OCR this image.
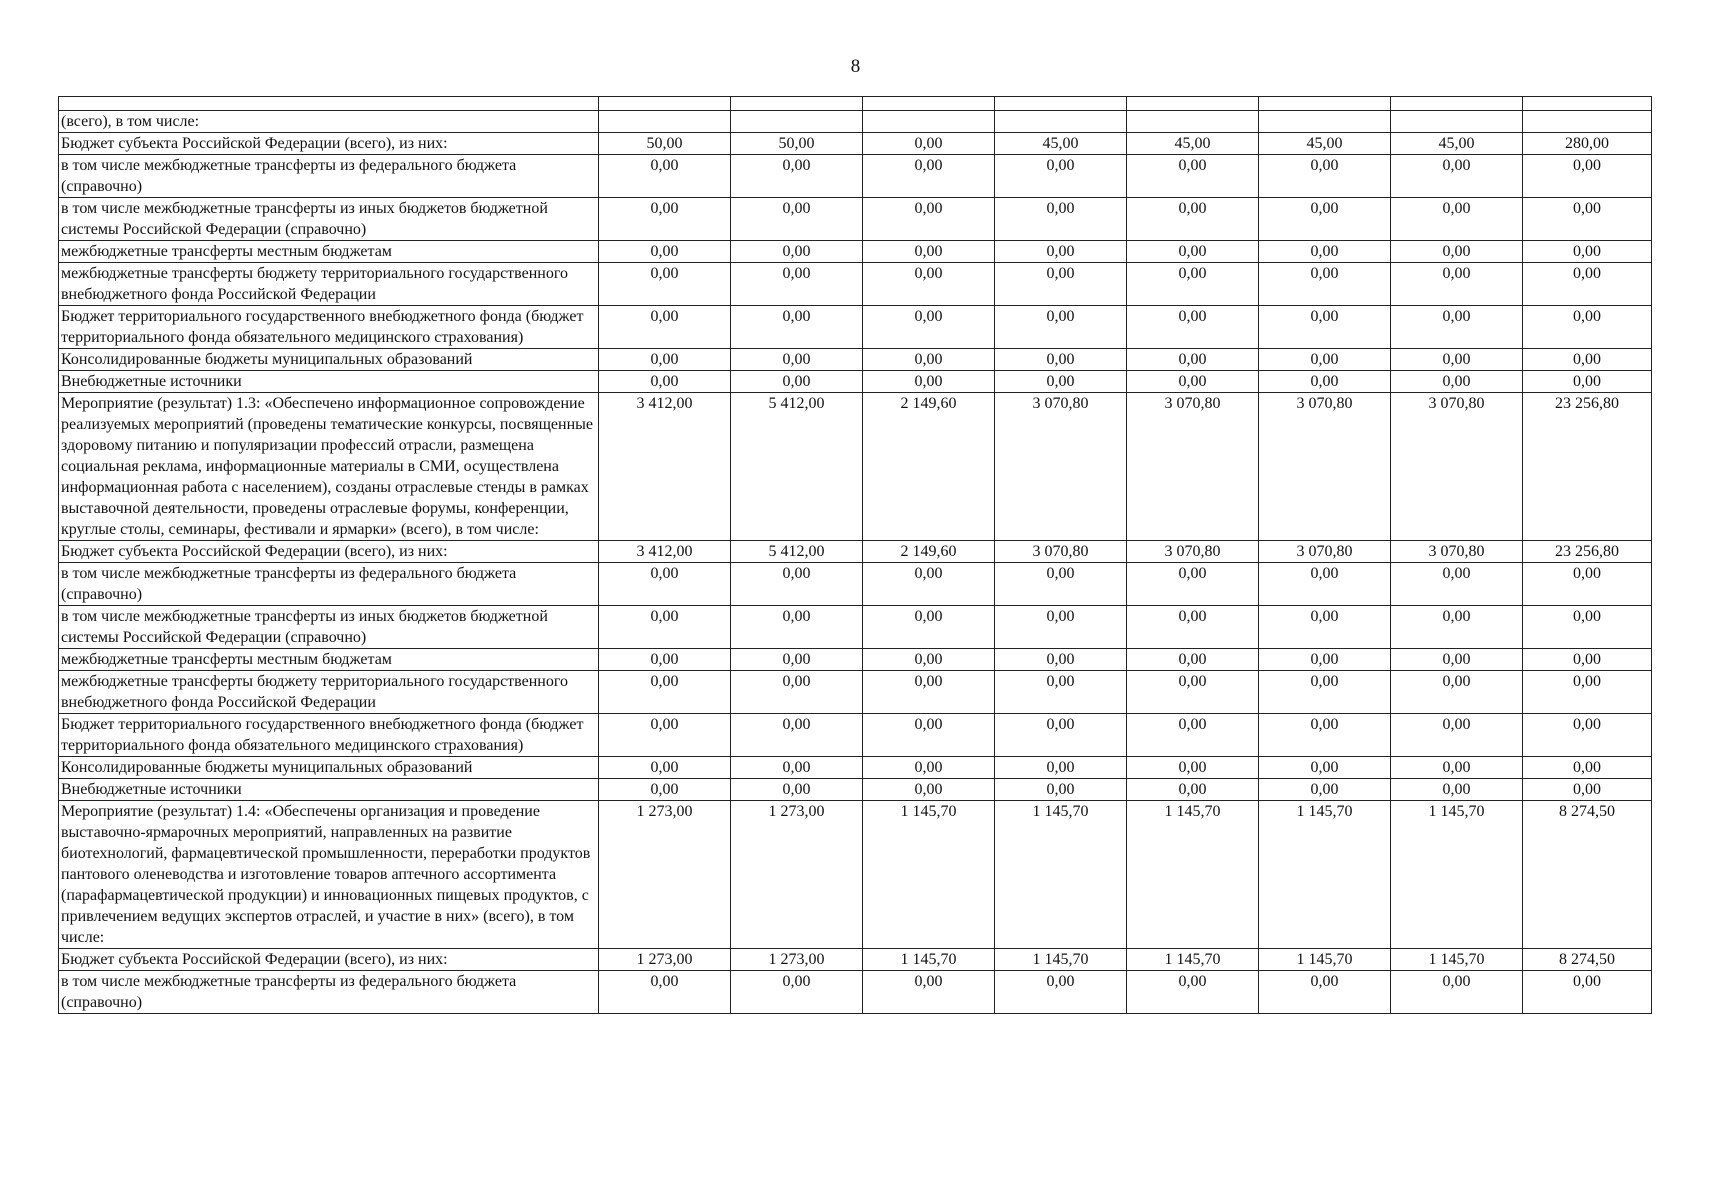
8

(всего), в том числе:								
Бюджет субъекта Российской Федерации (всего), из них:	50,00	50,00	0,00	45,00	45,00	45,00	45,00	280,00
в том числе межбюджетные трансферты из федерального бюджета (справочно)	0,00	0,00	0,00	0,00	0,00	0,00	0,00	0,00
в том числе межбюджетные трансферты из иных бюджетов бюджетной системы Российской Федерации (справочно)	0,00	0,00	0,00	0,00	0,00	0,00	0,00	0,00
межбюджетные трансферты местным бюджетам	0,00	0,00	0,00	0,00	0,00	0,00	0,00	0,00
межбюджетные трансферты бюджету территориального государственного внебюджетного фонда Российской Федерации	0,00	0,00	0,00	0,00	0,00	0,00	0,00	0,00
Бюджет территориального государственного внебюджетного фонда (бюджет территориального фонда обязательного медицинского страхования)	0,00	0,00	0,00	0,00	0,00	0,00	0,00	0,00
Консолидированные бюджеты муниципальных образований	0,00	0,00	0,00	0,00	0,00	0,00	0,00	0,00
Внебюджетные источники	0,00	0,00	0,00	0,00	0,00	0,00	0,00	0,00
Мероприятие (результат) 1.3: «Обеспечено информационное сопровождение реализуемых мероприятий (проведены тематические конкурсы, посвященные здоровому питанию и популяризации профессий отрасли, размещена социальная реклама, информационные материалы в СМИ, осуществлена информационная работа с населением), созданы отраслевые стенды в рамках выставочной деятельности, проведены отраслевые форумы, конференции, круглые столы, семинары, фестивали и ярмарки» (всего), в том числе:	3 412,00	5 412,00	2 149,60	3 070,80	3 070,80	3 070,80	3 070,80	23 256,80
Бюджет субъекта Российской Федерации (всего), из них:	3 412,00	5 412,00	2 149,60	3 070,80	3 070,80	3 070,80	3 070,80	23 256,80
в том числе межбюджетные трансферты из федерального бюджета (справочно)	0,00	0,00	0,00	0,00	0,00	0,00	0,00	0,00
в том числе межбюджетные трансферты из иных бюджетов бюджетной системы Российской Федерации (справочно)	0,00	0,00	0,00	0,00	0,00	0,00	0,00	0,00
межбюджетные трансферты местным бюджетам	0,00	0,00	0,00	0,00	0,00	0,00	0,00	0,00
межбюджетные трансферты бюджету территориального государственного внебюджетного фонда Российской Федерации	0,00	0,00	0,00	0,00	0,00	0,00	0,00	0,00
Бюджет территориального государственного внебюджетного фонда (бюджет территориального фонда обязательного медицинского страхования)	0,00	0,00	0,00	0,00	0,00	0,00	0,00	0,00
Консолидированные бюджеты муниципальных образований	0,00	0,00	0,00	0,00	0,00	0,00	0,00	0,00
Внебюджетные источники	0,00	0,00	0,00	0,00	0,00	0,00	0,00	0,00
Мероприятие (результат) 1.4: «Обеспечены организация и проведение выставочно-ярмарочных мероприятий, направленных на развитие биотехнологий, фармацевтической промышленности, переработки продуктов пантового оленеводства и изготовление товаров аптечного ассортимента (парафармацевтической продукции) и инновационных пищевых продуктов, с привлечением ведущих экспертов отраслей, и участие в них» (всего), в том числе:	1 273,00	1 273,00	1 145,70	1 145,70	1 145,70	1 145,70	1 145,70	8 274,50
Бюджет субъекта Российской Федерации (всего), из них:	1 273,00	1 273,00	1 145,70	1 145,70	1 145,70	1 145,70	1 145,70	8 274,50
в том числе межбюджетные трансферты из федерального бюджета (справочно)	0,00	0,00	0,00	0,00	0,00	0,00	0,00	0,00
